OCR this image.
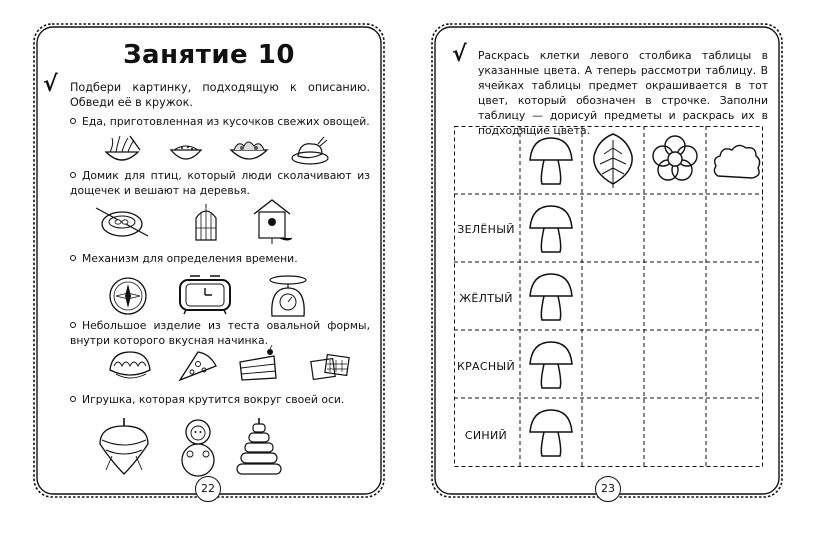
Занятие 10
√ Подбери картинку, подходящую к описанию. Обведи её в кружок.
Еда, приготовленная из кусочков свежих овощей.
Домик для птиц, который люди сколачивают из дощечек и вешают на деревья.
Механизм для определения времени.
Небольшое изделие из теста овальной формы, внутри которого вкусная начинка.
Игрушка, которая крутится вокруг своей оси.
22
√ Раскрась клетки левого столбика таблицы в указанные цвета. А теперь рассмотри таблицу. В ячейках таблицы предмет окрашивается в тот цвет, который обозначен в строчке. Заполни таблицу — дорисуй предметы и раскрась их в подходящие цвета.
ЗЕЛЁНЫЙ
ЖЁЛТЫЙ
КРАСНЫЙ
СИНИЙ
23
